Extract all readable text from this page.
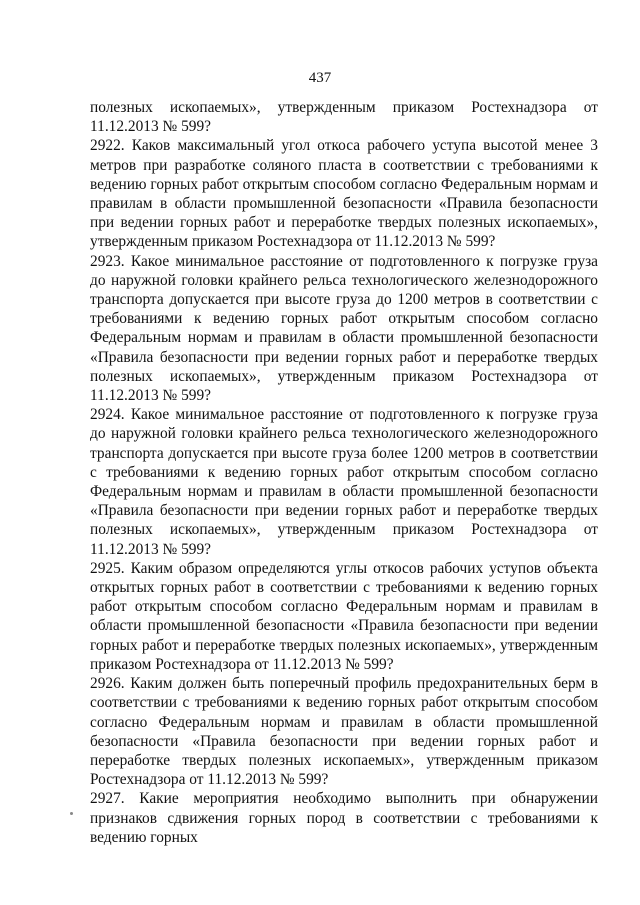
437

полезных ископаемых», утвержденным приказом Ростехнадзора от 11.12.2013 № 599?

2922. Каков максимальный угол откоса рабочего уступа высотой менее 3 метров при разработке соляного пласта в соответствии с требованиями к ведению горных работ открытым способом согласно Федеральным нормам и правилам в области промышленной безопасности «Правила безопасности при ведении горных работ и переработке твердых полезных ископаемых», утвержденным приказом Ростехнадзора от 11.12.2013 № 599?

2923. Какое минимальное расстояние от подготовленного к погрузке груза до наружной головки крайнего рельса технологического железнодорожного транспорта допускается при высоте груза до 1200 метров в соответствии с требованиями к ведению горных работ открытым способом согласно Федеральным нормам и правилам в области промышленной безопасности «Правила безопасности при ведении горных работ и переработке твердых полезных ископаемых», утвержденным приказом Ростехнадзора от 11.12.2013 № 599?

2924. Какое минимальное расстояние от подготовленного к погрузке груза до наружной головки крайнего рельса технологического железнодорожного транспорта допускается при высоте груза более 1200 метров в соответствии с требованиями к ведению горных работ открытым способом согласно Федеральным нормам и правилам в области промышленной безопасности «Правила безопасности при ведении горных работ и переработке твердых полезных ископаемых», утвержденным приказом Ростехнадзора от 11.12.2013 № 599?

2925. Каким образом определяются углы откосов рабочих уступов объекта открытых горных работ в соответствии с требованиями к ведению горных работ открытым способом согласно Федеральным нормам и правилам в области промышленной безопасности «Правила безопасности при ведении горных работ и переработке твердых полезных ископаемых», утвержденным приказом Ростехнадзора от 11.12.2013 № 599?

2926. Каким должен быть поперечный профиль предохранительных берм в соответствии с требованиями к ведению горных работ открытым способом согласно Федеральным нормам и правилам в области промышленной безопасности «Правила безопасности при ведении горных работ и переработке твердых полезных ископаемых», утвержденным приказом Ростехнадзора от 11.12.2013 № 599?

2927. Какие мероприятия необходимо выполнить при обнаружении признаков сдвижения горных пород в соответствии с требованиями к ведению горных
